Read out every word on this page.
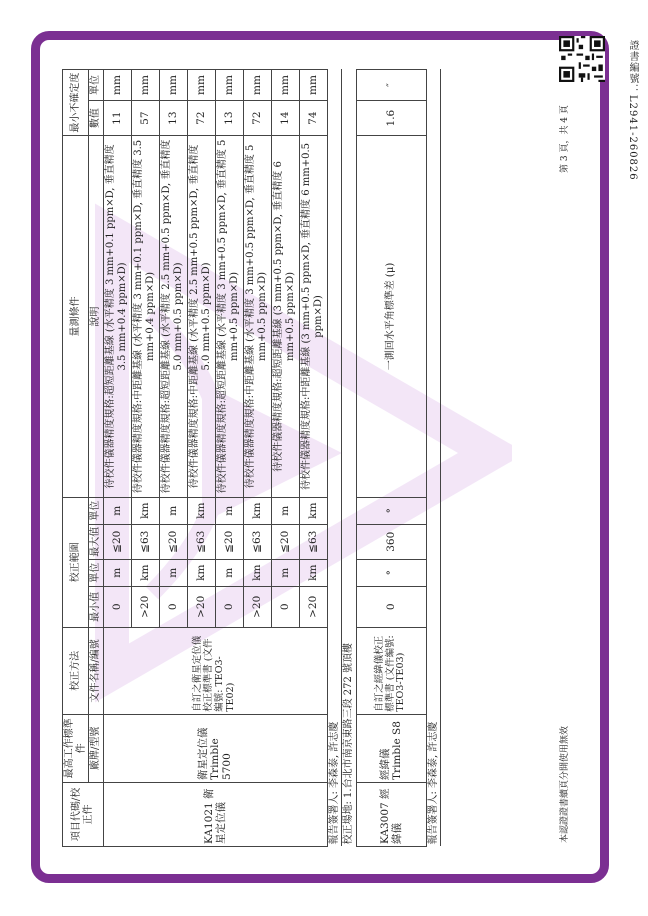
證書編號：L2941-260826
項目代碼/校正件	最高工作標準件	校正方法	校正範圍				量測條件	最小不確定度	
	廠牌/型號	文件名稱/編號	最小值	單位	最大值	單位	說明	數值	單位
KA1021 衛星定位儀	衛星定位儀 Trimble 5700	自訂之衛星定位儀校正標準書 (文件編號: TEO3-TE02)	0	m	≦20	m	待校件儀器精度規格:超短距離基線 (水平精度 3 mm+0.1 ppm×D, 垂直精度 3.5 mm+0.4 ppm×D)	11	mm
			>20	km	≦63	km	待校件儀器精度規格:中距離基線 (水平精度 3 mm+0.1 ppm×D, 垂直精度 3.5 mm+0.4 ppm×D)	57	mm
			0	m	≦20	m	待校件儀器精度規格:超短距離基線 (水平精度 2.5 mm+0.5 ppm×D, 垂直精度 5.0 mm+0.5 ppm×D)	13	mm
			>20	km	≦63	km	待校件儀器精度規格:中距離基線 (水平精度 2.5 mm+0.5 ppm×D, 垂直精度 5.0 mm+0.5 ppm×D)	72	mm
			0	m	≦20	m	待校件儀器精度規格:超短距離基線 (水平精度 3 mm+0.5 ppm×D, 垂直精度 5 mm+0.5 ppm×D)	13	mm
			>20	km	≦63	km	待校件儀器精度規格:中距離基線 (水平精度 3 mm+0.5 ppm×D, 垂直精度 5 mm+0.5 ppm×D)	72	mm
			0	m	≦20	m	待校件儀器精度規格:超短距離基線 (3 mm+0.5 ppm×D, 垂直精度 6 mm+0.5 ppm×D)	14	mm
			>20	km	≦63	km	待校件儀器精度規格:中距離基線 (3 mm+0.5 ppm×D, 垂直精度 6 mm+0.5 ppm×D)	74	mm
報告簽署人: 李森泰, 許志慶									
校正場地: 1.台北市南京東路三段 272 號頂樓									
KA3007 經緯儀	經緯儀 Trimble S8	自訂之經緯儀校正標準書 (文件編號: TEO3-TE03)	0	°	360	°	一測回水平角標準差 (μ)	1.6	″
報告簽署人: 李森泰, 許志慶										本認證證書續頁分開使用無效
第 3 頁，共 4 頁
